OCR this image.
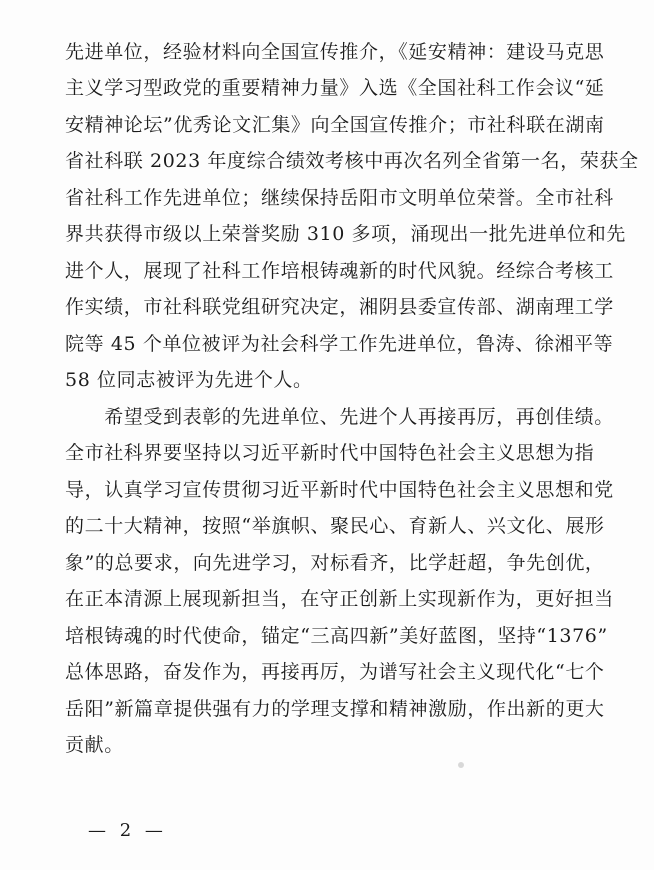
先进单位，经验材料向全国宣传推介，《延安精神：建设马克思
主义学习型政党的重要精神力量》入选《全国社科工作会议“延
安精神论坛”优秀论文汇集》向全国宣传推介；市社科联在湖南
省社科联 2023 年度综合绩效考核中再次名列全省第一名，荣获全
省社科工作先进单位；继续保持岳阳市文明单位荣誉。全市社科
界共获得市级以上荣誉奖励 310 多项，涌现出一批先进单位和先
进个人，展现了社科工作培根铸魂新的时代风貌。经综合考核工
作实绩，市社科联党组研究决定，湘阴县委宣传部、湖南理工学
院等 45 个单位被评为社会科学工作先进单位，鲁涛、徐湘平等
58 位同志被评为先进个人。
　　希望受到表彰的先进单位、先进个人再接再厉，再创佳绩。
全市社科界要坚持以习近平新时代中国特色社会主义思想为指
导，认真学习宣传贯彻习近平新时代中国特色社会主义思想和党
的二十大精神，按照“举旗帜、聚民心、育新人、兴文化、展形
象”的总要求，向先进学习，对标看齐，比学赶超，争先创优，
在正本清源上展现新担当，在守正创新上实现新作为，更好担当
培根铸魂的时代使命，锚定“三高四新”美好蓝图，坚持“1376”
总体思路，奋发作为，再接再厉，为谱写社会主义现代化“七个
岳阳”新篇章提供强有力的学理支撑和精神激励，作出新的更大
贡献。
— 2 —
